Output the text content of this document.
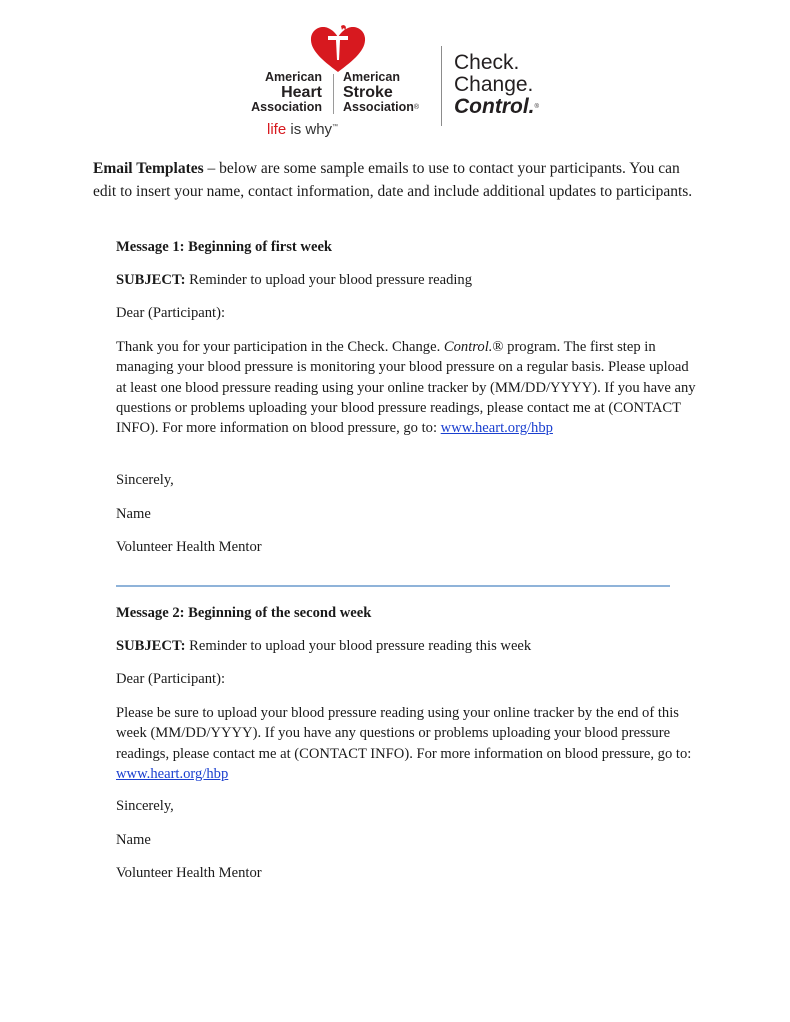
American
Heart
Association
American
Stroke
Association®
life is why™
Check.
Change.
Control.®
Email Templates – below are some sample emails to use to contact your participants. You can edit to insert your name, contact information, date and include additional updates to participants.
Message 1: Beginning of first week
SUBJECT: Reminder to upload your blood pressure reading
Dear (Participant):
Thank you for your participation in the Check. Change. Control.® program. The first step in managing your blood pressure is monitoring your blood pressure on a regular basis. Please upload at least one blood pressure reading using your online tracker by (MM/DD/YYYY). If you have any questions or problems uploading your blood pressure readings, please contact me at (CONTACT INFO). For more information on blood pressure, go to: www.heart.org/hbp
Sincerely,
Name
Volunteer Health Mentor
Message 2: Beginning of the second week
SUBJECT: Reminder to upload your blood pressure reading this week
Dear (Participant):
Please be sure to upload your blood pressure reading using your online tracker by the end of this week (MM/DD/YYYY). If you have any questions or problems uploading your blood pressure readings, please contact me at (CONTACT INFO). For more information on blood pressure, go to: www.heart.org/hbp
Sincerely,
Name
Volunteer Health Mentor
